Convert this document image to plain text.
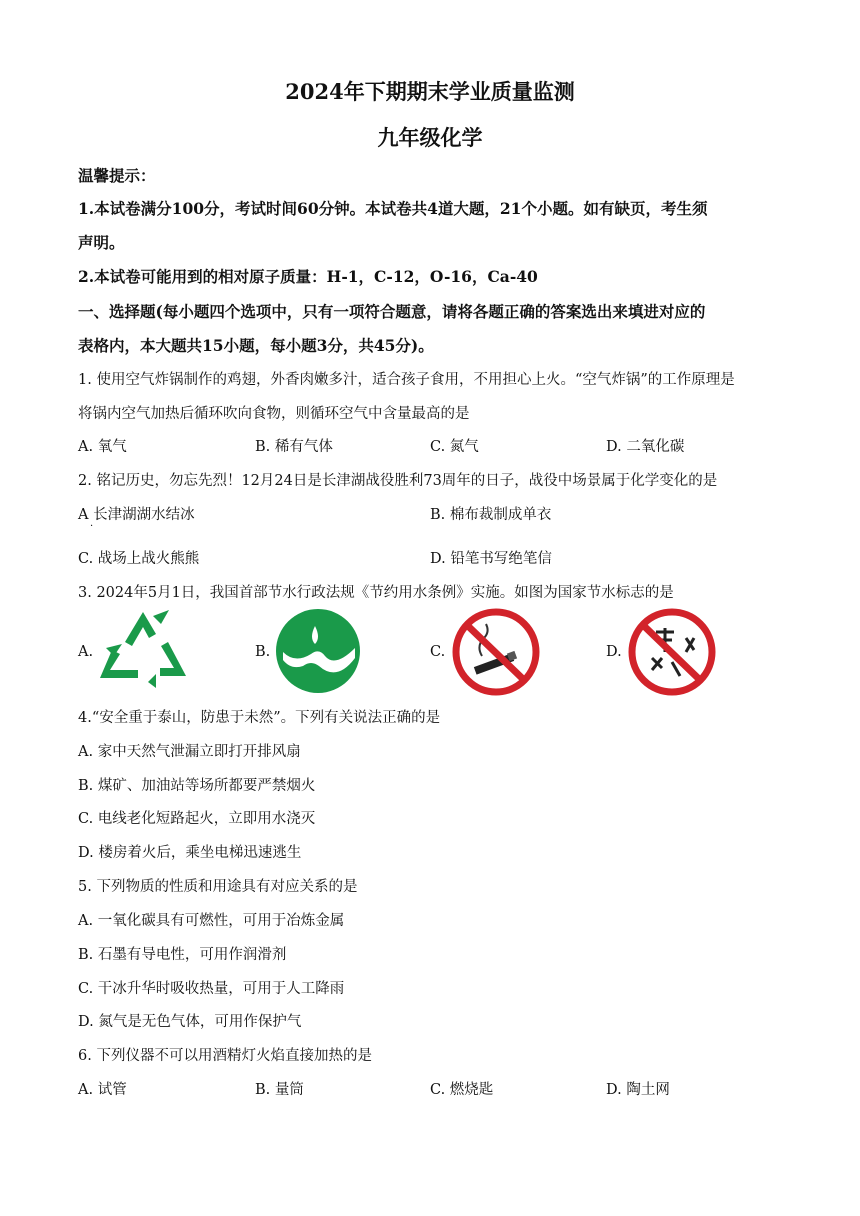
2024年下期期末学业质量监测
九年级化学
温馨提示：
1.本试卷满分100分，考试时间60分钟。本试卷共4道大题，21个小题。如有缺页，考生须
声明。
2.本试卷可能用到的相对原子质量：H-1，C-12，O-16，Ca-40
一、选择题(每小题四个选项中，只有一项符合题意，请将各题正确的答案选出来填进对应的
表格内，本大题共15小题，每小题3分，共45分)。
1. 使用空气炸锅制作的鸡翅，外香肉嫩多汁，适合孩子食用，不用担心上火。“空气炸锅”的工作原理是
将锅内空气加热后循环吹向食物，则循环空气中含量最高的是
A. 氧气	B. 稀有气体	C. 氮气	D. 二氧化碳
2. 铭记历史，勿忘先烈！12月24日是长津湖战役胜利73周年的日子，战役中场景属于化学变化的是
A 长津湖湖水结冰
·
B. 棉布裁制成单衣
C. 战场上战火熊熊	D. 铅笔书写绝笔信
3. 2024年5月1日，我国首部节水行政法规《节约用水条例》实施。如图为国家节水标志的是
A.	B.	C.	D.
4.“安全重于泰山，防患于未然”。下列有关说法正确的是
A. 家中天然气泄漏立即打开排风扇
B. 煤矿、加油站等场所都要严禁烟火
C. 电线老化短路起火，立即用水浇灭
D. 楼房着火后，乘坐电梯迅速逃生
5. 下列物质的性质和用途具有对应关系的是
A. 一氧化碳具有可燃性，可用于冶炼金属
B. 石墨有导电性，可用作润滑剂
C. 干冰升华时吸收热量，可用于人工降雨
D. 氮气是无色气体，可用作保护气
6. 下列仪器不可以用酒精灯火焰直接加热的是
A. 试管	B. 量筒	C. 燃烧匙	D. 陶土网
